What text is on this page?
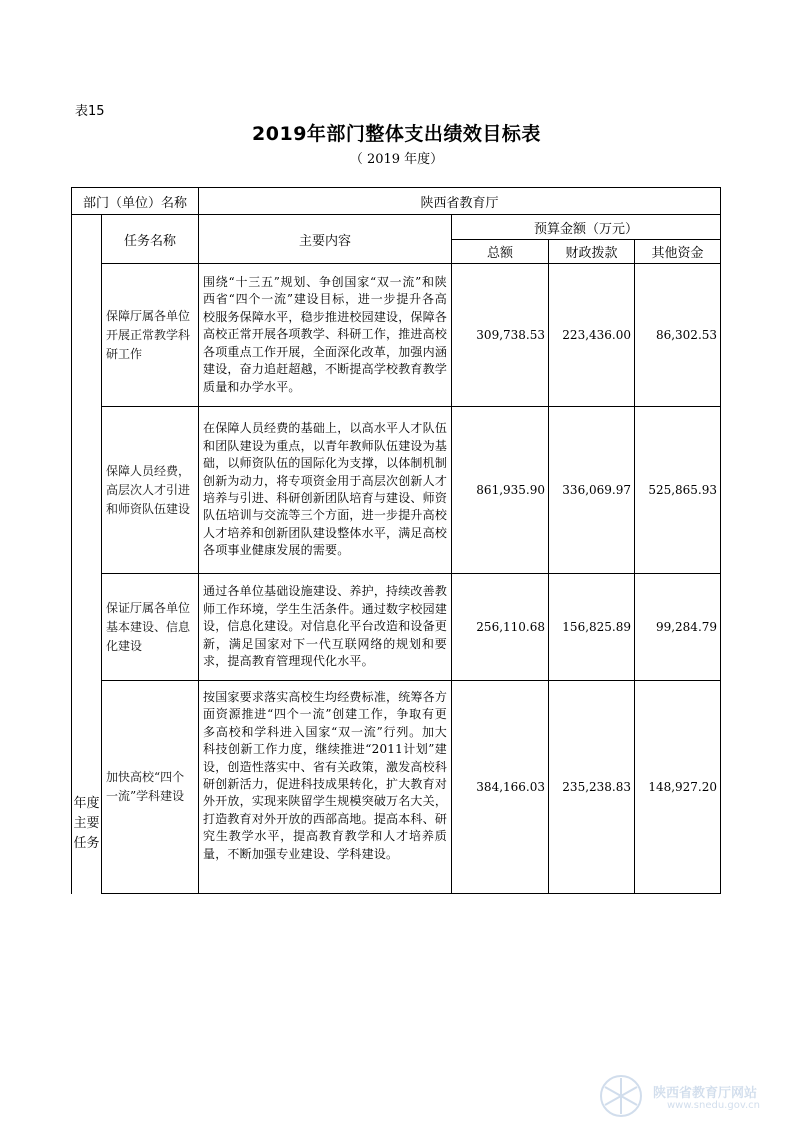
表15
2019年部门整体支出绩效目标表
（ 2019 年度）
部门（单位）名称		陕西省教育厅			

年度
主要
任务	任务名称	主要内容	预算金额（万元）		
			总额	财政拨款	其他资金
	保障厅属各单位开展正常教学科研工作	围绕“十三五”规划、争创国家“双一流”和陕西省“四个一流”建设目标，进一步提升各高校服务保障水平，稳步推进校园建设，保障各高校正常开展各项教学、科研工作，推进高校各项重点工作开展，全面深化改革，加强内涵建设，奋力追赶超越，不断提高学校教育教学质量和办学水平。	309,738.53	223,436.00	86,302.53
	保障人员经费，高层次人才引进和师资队伍建设	在保障人员经费的基础上，以高水平人才队伍和团队建设为重点，以青年教师队伍建设为基础，以师资队伍的国际化为支撑，以体制机制创新为动力，将专项资金用于高层次创新人才培养与引进、科研创新团队培育与建设、师资队伍培训与交流等三个方面，进一步提升高校人才培养和创新团队建设整体水平，满足高校各项事业健康发展的需要。	861,935.90	336,069.97	525,865.93
	保证厅属各单位基本建设、信息化建设	通过各单位基础设施建设、养护，持续改善教师工作环境，学生生活条件。通过数字校园建设，信息化建设。对信息化平台改造和设备更新，满足国家对下一代互联网络的规划和要求，提高教育管理现代化水平。	256,110.68	156,825.89	99,284.79
	加快高校“四个一流”学科建设	按国家要求落实高校生均经费标准，统筹各方面资源推进“四个一流”创建工作，争取有更多高校和学科进入国家“双一流”行列。加大科技创新工作力度，继续推进“2011计划”建设，创造性落实中、省有关政策，激发高校科研创新活力，促进科技成果转化，扩大教育对外开放，实现来陕留学生规模突破万名大关，打造教育对外开放的西部高地。提高本科、研究生教学水平，提高教育教学和人才培养质量，不断加强专业建设、学科建设。	384,166.03	235,238.83	148,927.20
陕西省教育厅网站
www.snedu.gov.cn
